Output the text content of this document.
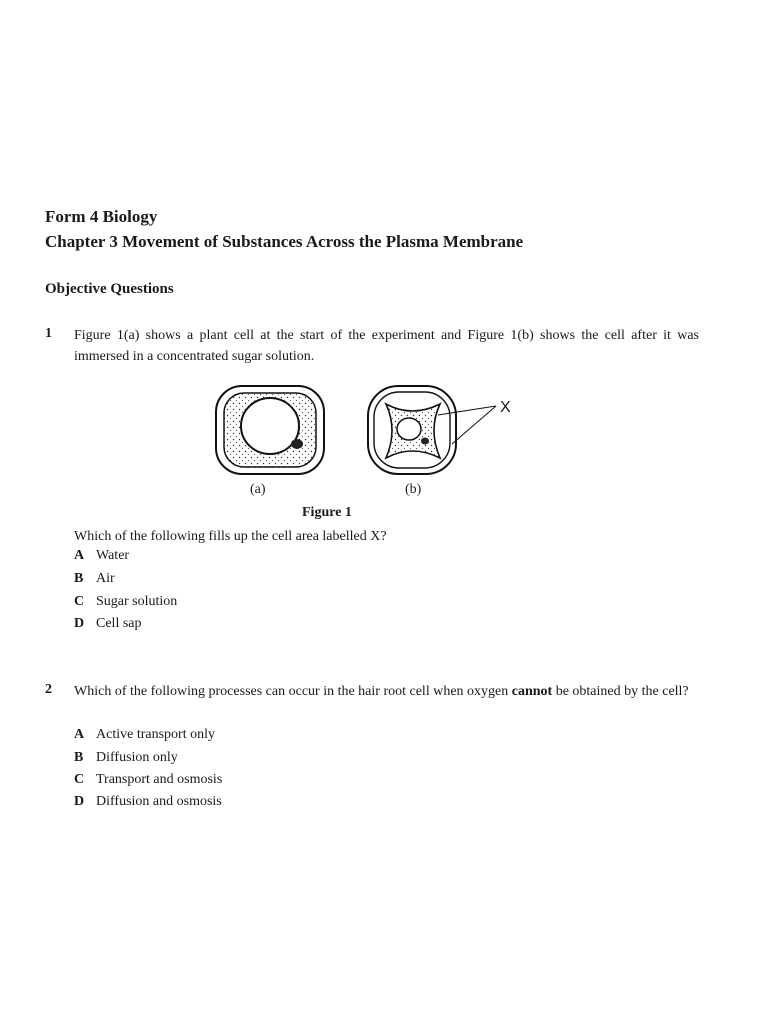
Form 4 Biology
Chapter 3 Movement of Substances Across the Plasma Membrane
Objective Questions
1 Figure 1(a) shows a plant cell at the start of the experiment and Figure 1(b) shows the cell after it was immersed in a concentrated sugar solution.
X
(a)	(b)
Figure 1
Which of the following fills up the cell area labelled X?
A Water
B Air
C Sugar solution
D Cell sap
2 Which of the following processes can occur in the hair root cell when oxygen cannot be obtained by the cell?
A Active transport only
B Diffusion only
C Transport and osmosis
D Diffusion and osmosis
